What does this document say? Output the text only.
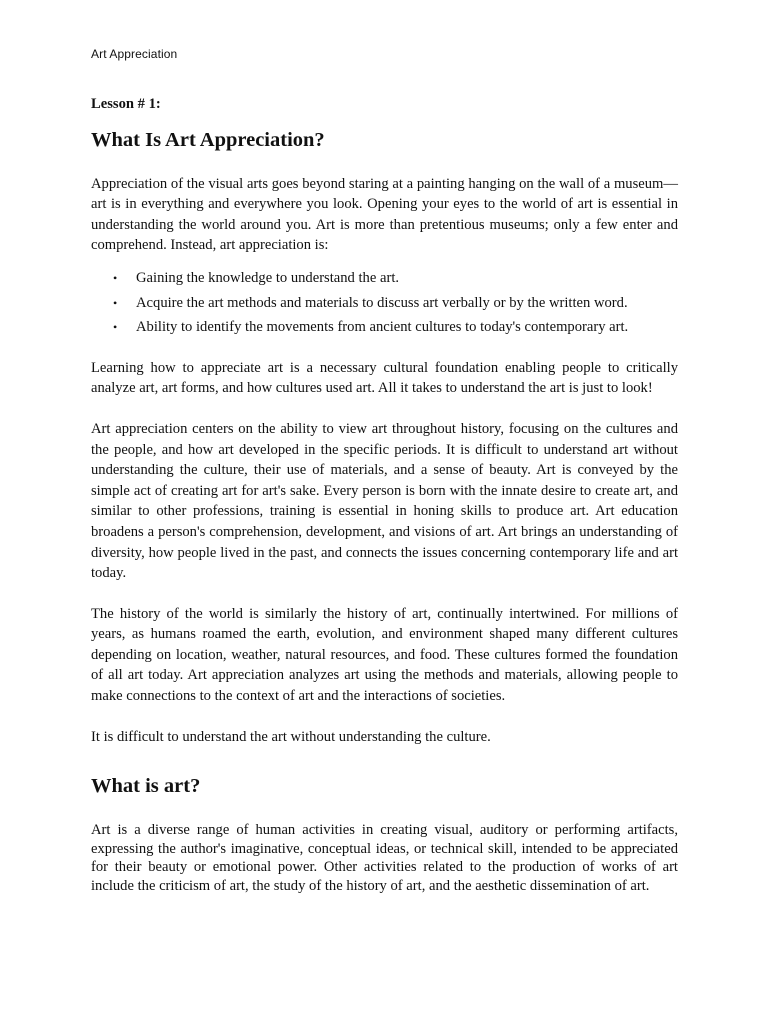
Art Appreciation

Lesson # 1:

What Is Art Appreciation?

Appreciation of the visual arts goes beyond staring at a painting hanging on the wall of a museum—art is in everything and everywhere you look. Opening your eyes to the world of art is essential in understanding the world around you. Art is more than pretentious museums; only a few enter and comprehend. Instead, art appreciation is:

• Gaining the knowledge to understand the art.
• Acquire the art methods and materials to discuss art verbally or by the written word.
• Ability to identify the movements from ancient cultures to today's contemporary art.

Learning how to appreciate art is a necessary cultural foundation enabling people to critically analyze art, art forms, and how cultures used art. All it takes to understand the art is just to look!

Art appreciation centers on the ability to view art throughout history, focusing on the cultures and the people, and how art developed in the specific periods. It is difficult to understand art without understanding the culture, their use of materials, and a sense of beauty. Art is conveyed by the simple act of creating art for art's sake. Every person is born with the innate desire to create art, and similar to other professions, training is essential in honing skills to produce art. Art education broadens a person's comprehension, development, and visions of art. Art brings an understanding of diversity, how people lived in the past, and connects the issues concerning contemporary life and art today.

The history of the world is similarly the history of art, continually intertwined. For millions of years, as humans roamed the earth, evolution, and environment shaped many different cultures depending on location, weather, natural resources, and food. These cultures formed the foundation of all art today. Art appreciation analyzes art using the methods and materials, allowing people to make connections to the context of art and the interactions of societies.

It is difficult to understand the art without understanding the culture.

What is art?

Art is a diverse range of human activities in creating visual, auditory or performing artifacts, expressing the author's imaginative, conceptual ideas, or technical skill, intended to be appreciated for their beauty or emotional power. Other activities related to the production of works of art include the criticism of art, the study of the history of art, and the aesthetic dissemination of art.
